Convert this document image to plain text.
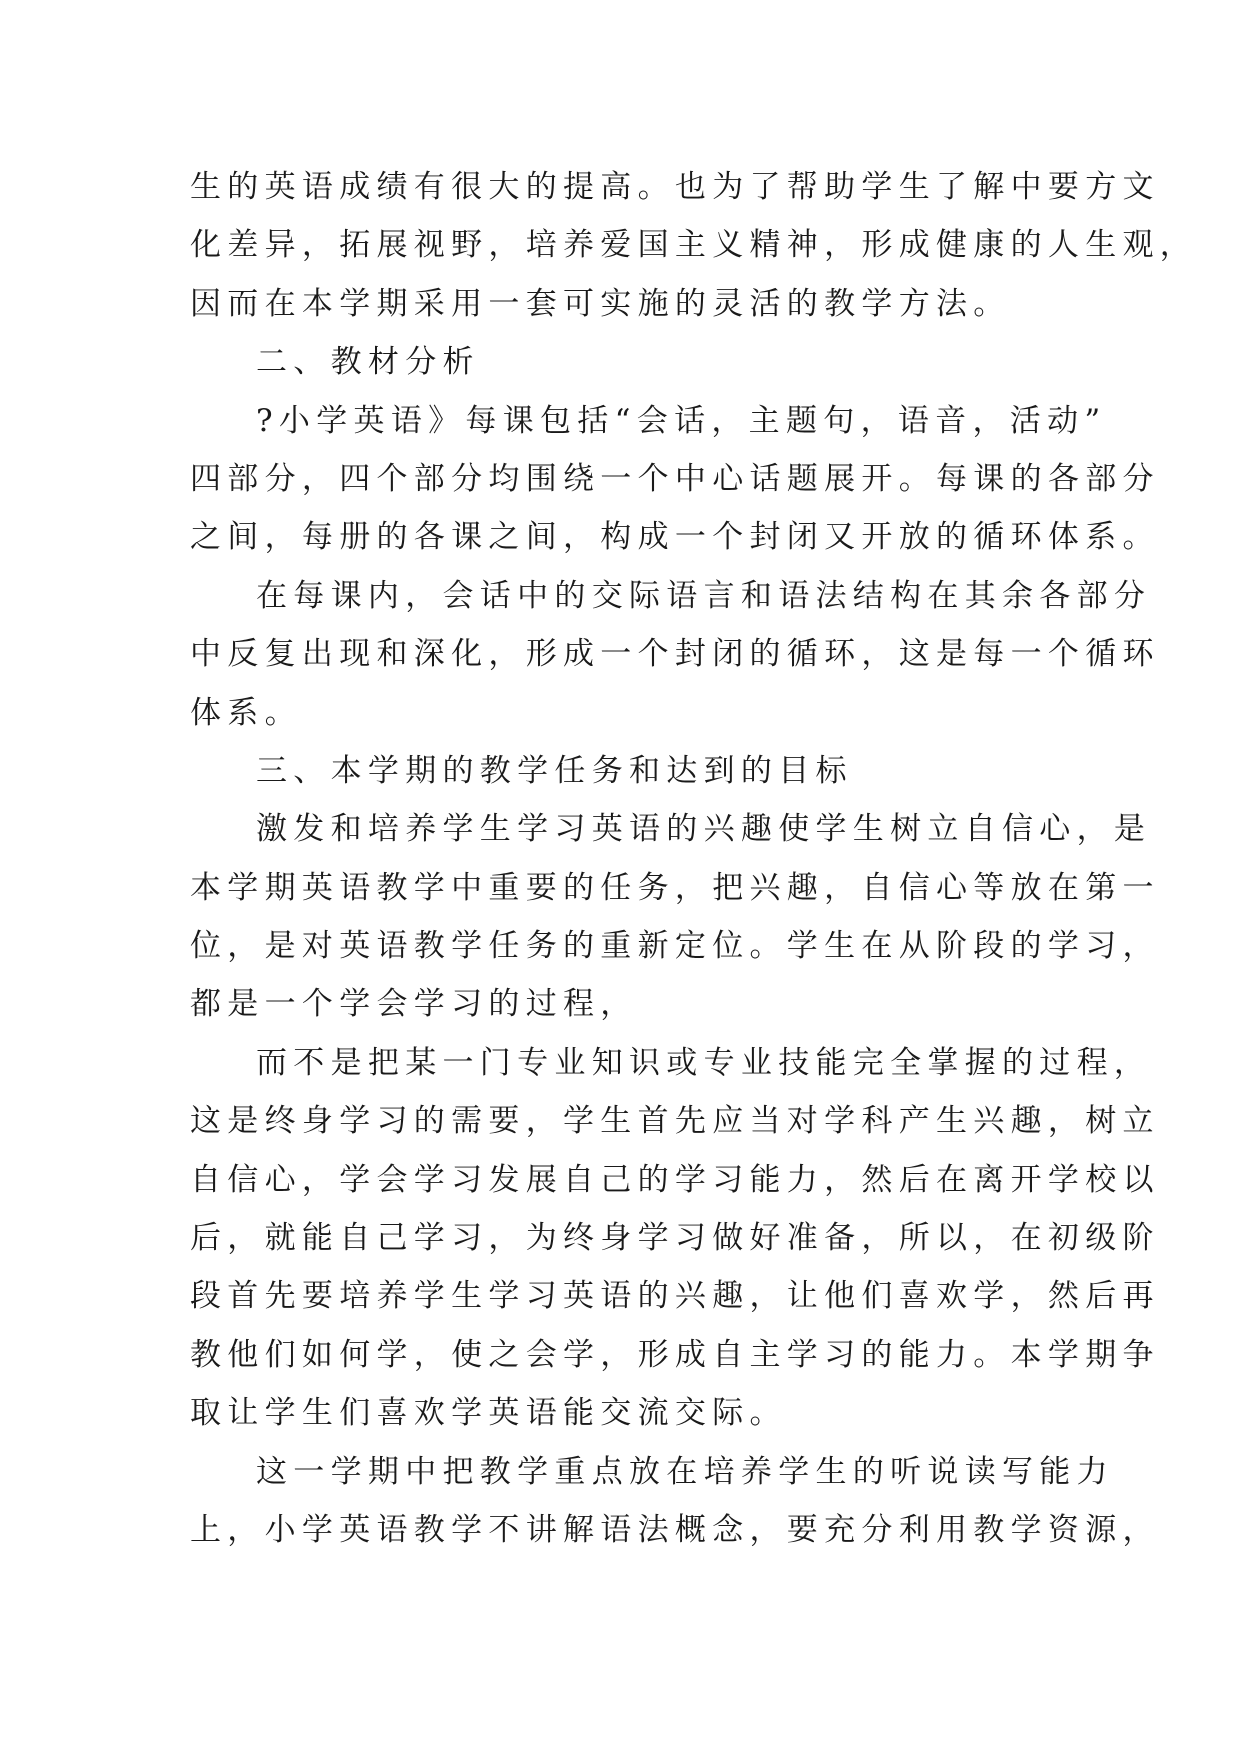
生的英语成绩有很大的提高。也为了帮助学生了解中要方文
化差异，拓展视野，培养爱国主义精神，形成健康的人生观，
因而在本学期采用一套可实施的灵活的教学方法。
二、教材分析
?小学英语》每课包括“会话，主题句，语音，活动”
四部分，四个部分均围绕一个中心话题展开。每课的各部分
之间，每册的各课之间，构成一个封闭又开放的循环体系。
在每课内，会话中的交际语言和语法结构在其余各部分
中反复出现和深化，形成一个封闭的循环，这是每一个循环
体系。
三、本学期的教学任务和达到的目标
激发和培养学生学习英语的兴趣使学生树立自信心，是
本学期英语教学中重要的任务，把兴趣，自信心等放在第一
位，是对英语教学任务的重新定位。学生在从阶段的学习，
都是一个学会学习的过程，
而不是把某一门专业知识或专业技能完全掌握的过程，
这是终身学习的需要，学生首先应当对学科产生兴趣，树立
自信心，学会学习发展自己的学习能力，然后在离开学校以
后，就能自己学习，为终身学习做好准备，所以，在初级阶
段首先要培养学生学习英语的兴趣，让他们喜欢学，然后再
教他们如何学，使之会学，形成自主学习的能力。本学期争
取让学生们喜欢学英语能交流交际。
这一学期中把教学重点放在培养学生的听说读写能力
上，小学英语教学不讲解语法概念，要充分利用教学资源，
